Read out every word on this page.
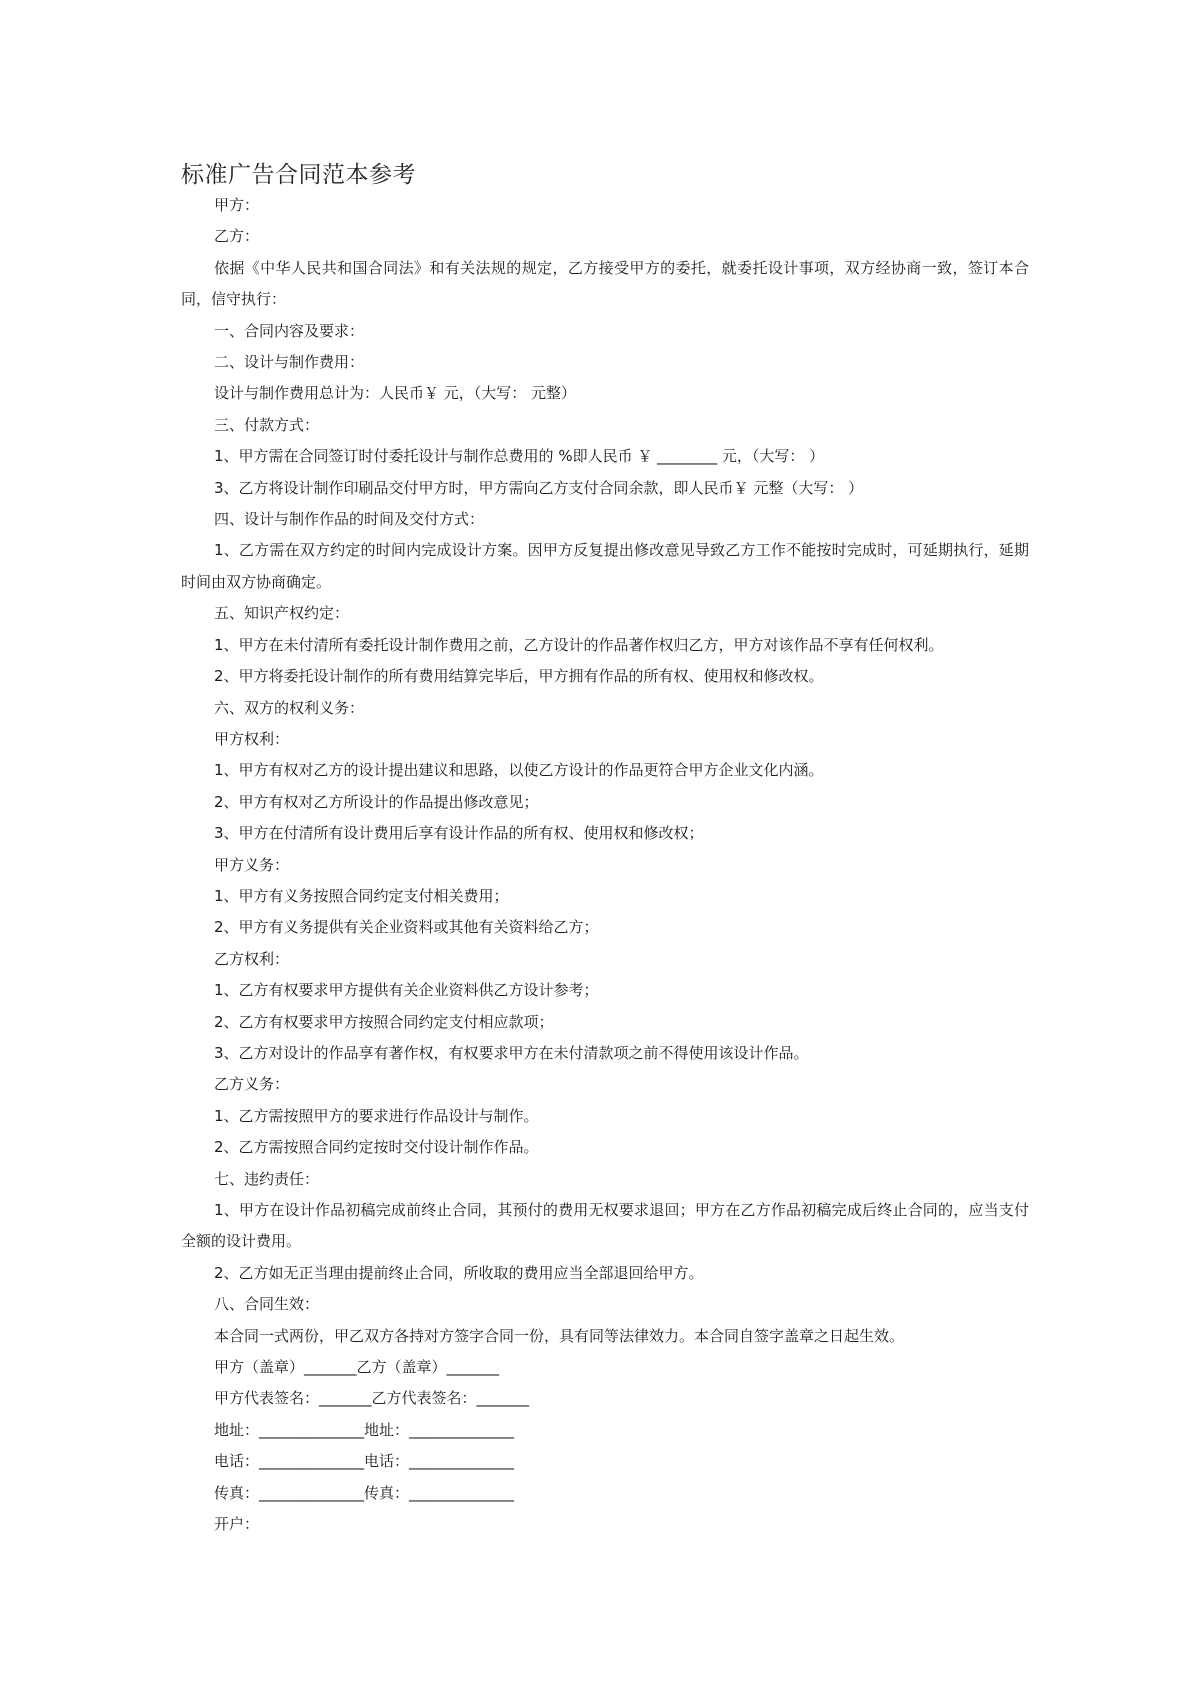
标准广告合同范本参考

甲方：

乙方：

依据《中华人民共和国合同法》和有关法规的规定，乙方接受甲方的委托，就委托设计事项，双方经协商一致，签订本合同，信守执行：

一、合同内容及要求：

二、设计与制作费用：

设计与制作费用总计为：人民币￥ 元，（大写： 元整）

三、付款方式：

1、甲方需在合同签订时付委托设计与制作总费用的 %即人民币 ￥ ________ 元，（大写： ）

3、乙方将设计制作印刷品交付甲方时，甲方需向乙方支付合同余款，即人民币￥ 元整（大写： ）

四、设计与制作作品的时间及交付方式：

1、乙方需在双方约定的时间内完成设计方案。因甲方反复提出修改意见导致乙方工作不能按时完成时，可延期执行，延期时间由双方协商确定。

五、知识产权约定：

1、甲方在未付清所有委托设计制作费用之前，乙方设计的作品著作权归乙方，甲方对该作品不享有任何权利。

2、甲方将委托设计制作的所有费用结算完毕后，甲方拥有作品的所有权、使用权和修改权。

六、双方的权利义务：

甲方权利：

1、甲方有权对乙方的设计提出建议和思路，以使乙方设计的作品更符合甲方企业文化内涵。

2、甲方有权对乙方所设计的作品提出修改意见；

3、甲方在付清所有设计费用后享有设计作品的所有权、使用权和修改权；

甲方义务：

1、甲方有义务按照合同约定支付相关费用；

2、甲方有义务提供有关企业资料或其他有关资料给乙方；

乙方权利：

1、乙方有权要求甲方提供有关企业资料供乙方设计参考；

2、乙方有权要求甲方按照合同约定支付相应款项；

3、乙方对设计的作品享有著作权，有权要求甲方在未付清款项之前不得使用该设计作品。

乙方义务：

1、乙方需按照甲方的要求进行作品设计与制作。

2、乙方需按照合同约定按时交付设计制作作品。

七、违约责任：

1、甲方在设计作品初稿完成前终止合同，其预付的费用无权要求退回；甲方在乙方作品初稿完成后终止合同的，应当支付全额的设计费用。

2、乙方如无正当理由提前终止合同，所收取的费用应当全部退回给甲方。

八、合同生效：

本合同一式两份，甲乙双方各持对方签字合同一份，具有同等法律效力。本合同自签字盖章之日起生效。

甲方（盖章）_______乙方（盖章）_______

甲方代表签名：_______乙方代表签名：_______

地址：______________地址：______________

电话：______________电话：______________

传真：______________传真：______________

开户：
